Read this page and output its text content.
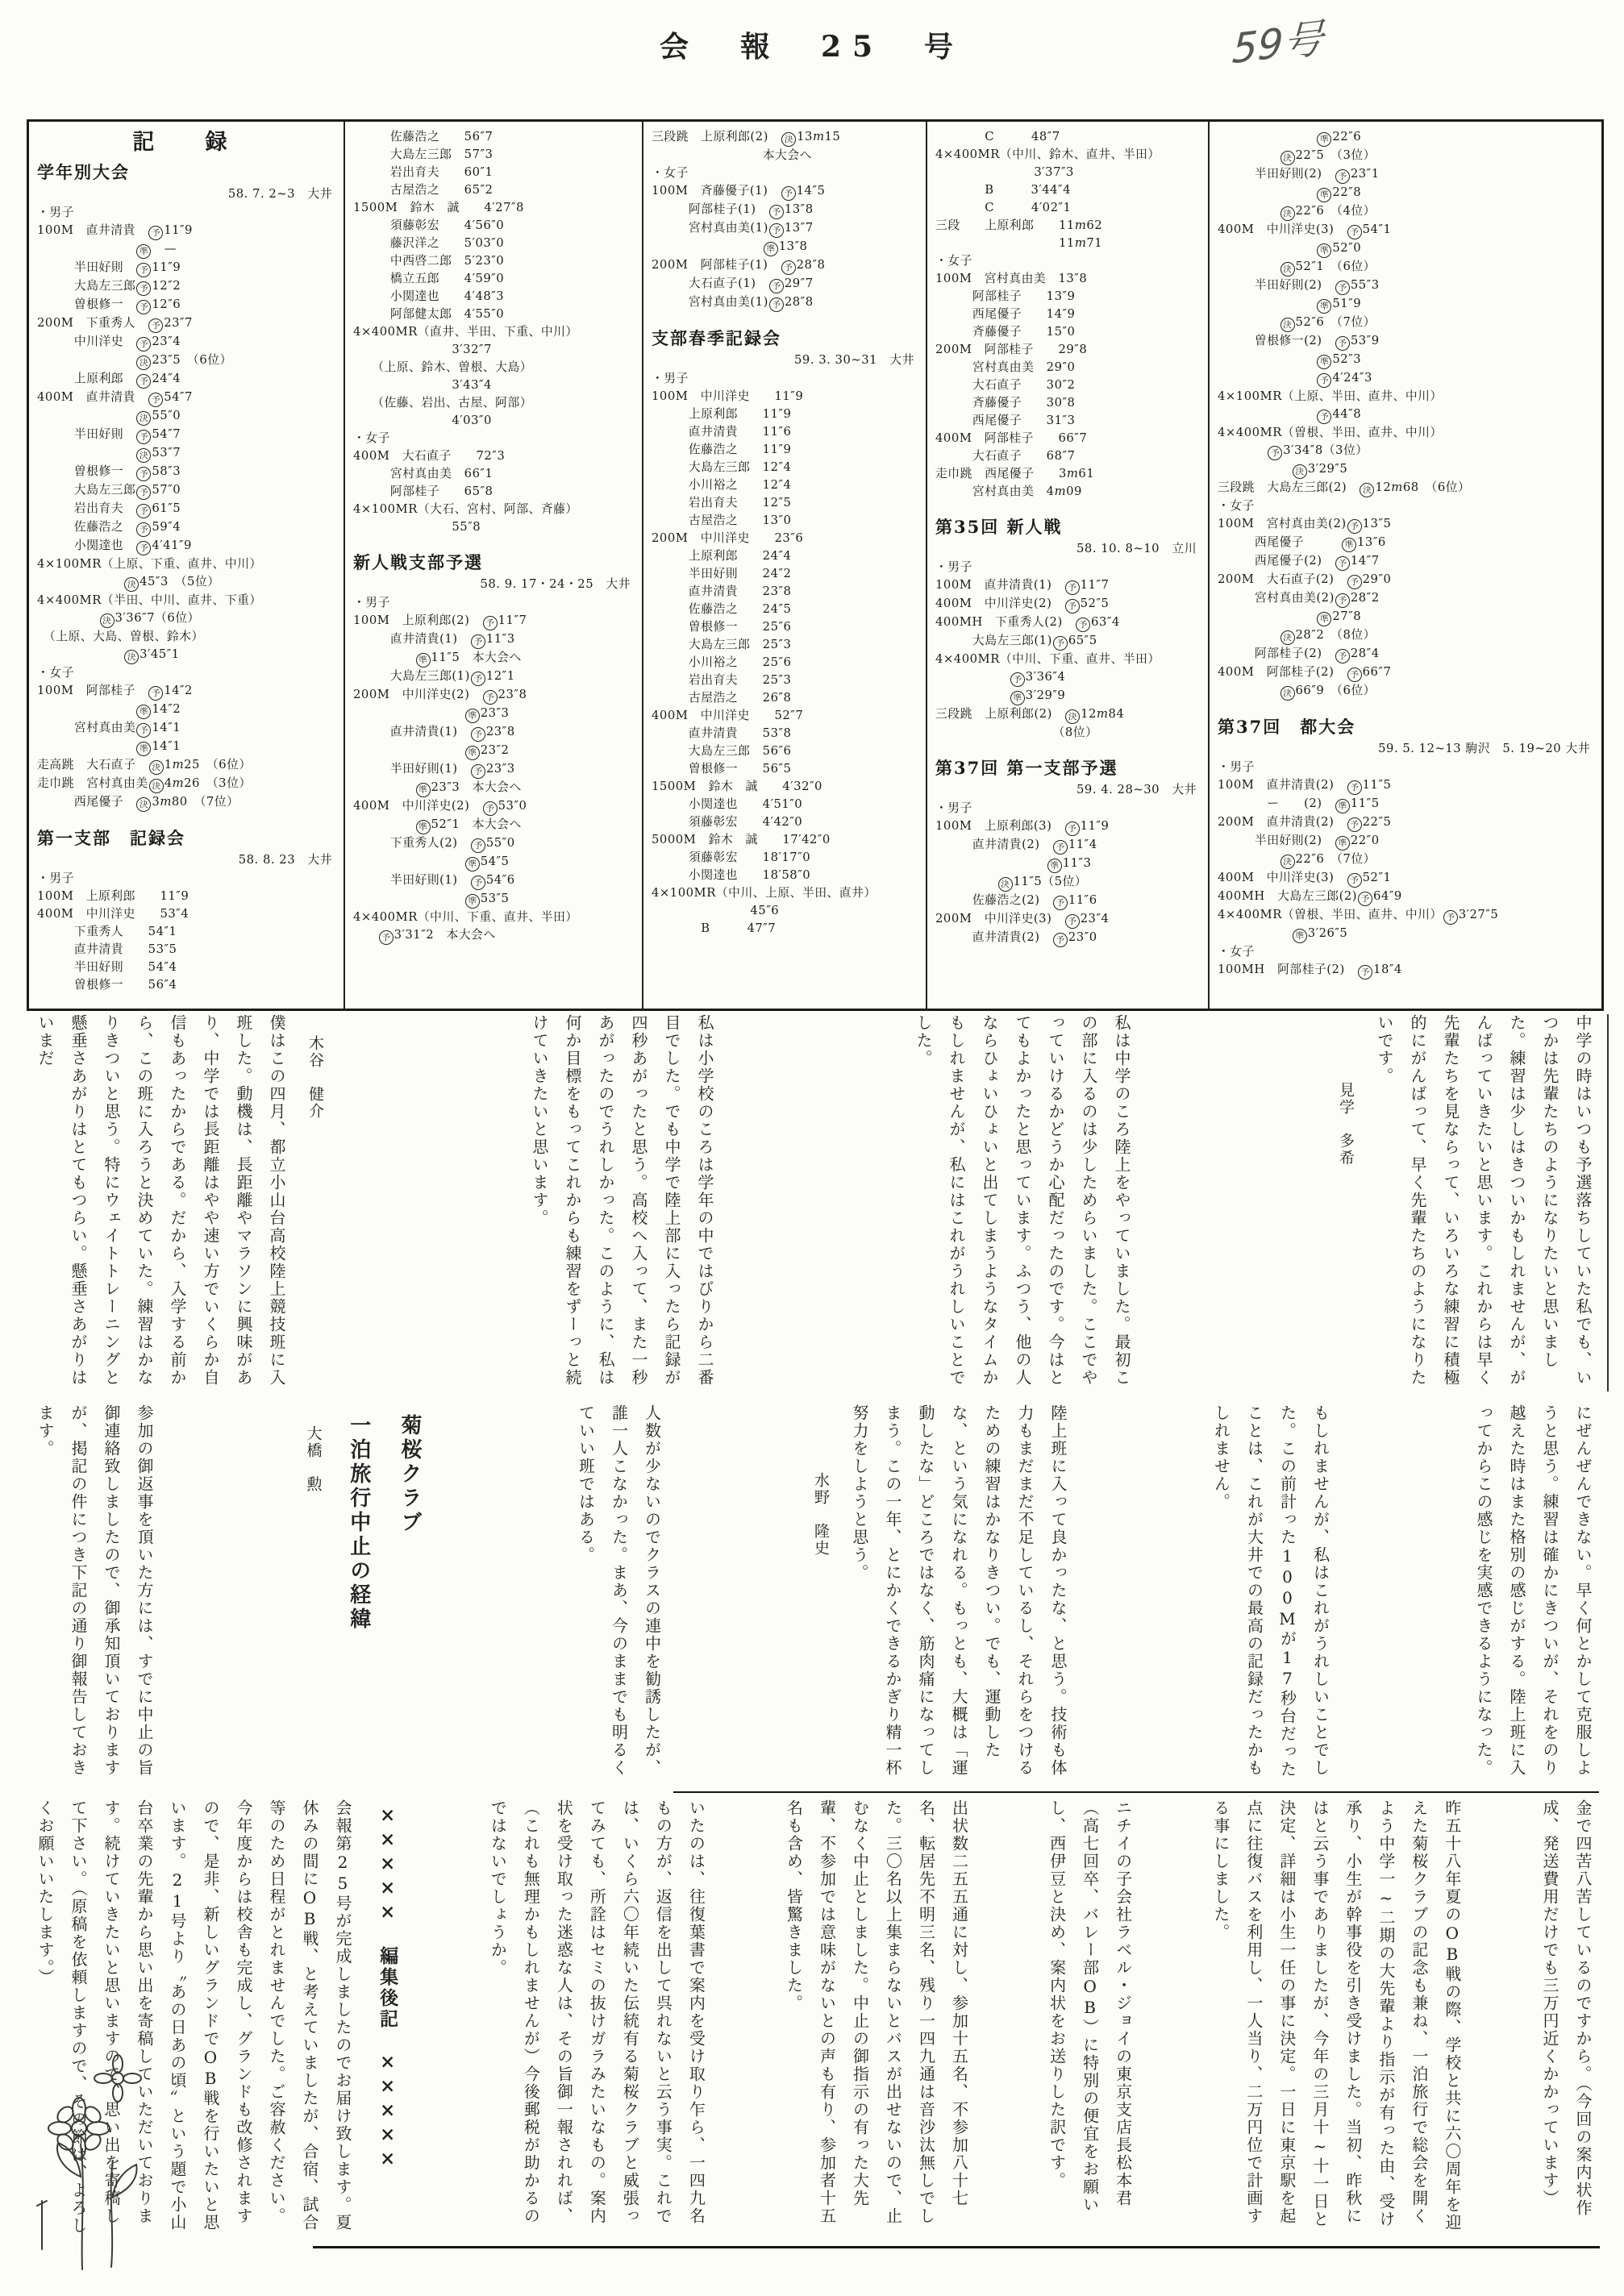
会　報　25　号	59号
記　録
学年別大会
58. 7. 2~3　大井
・男子
100M　直井清貴　予 11″9
　　　　　　　　準　—
　　　半田好則　予 11″9
　　　大島左三郎 予 12″2
　　　曽根修一　予 12″6
200M　下重秀人　予 23″7
　　　中川洋史　予 23″4
　　　　　　　　決 23″5　（6位）
　　　上原利郎　予 24″4
400M　直井清貴　予 54″7
　　　　　　　　決 55″0
　　　半田好則　予 54″7
　　　　　　　　決 53″7
　　　曽根修一　予 58″3
　　　大島左三郎 予 57″0
　　　岩出育夫　予 61″5
　　　佐藤浩之　予 59″4
　　　小関達也　予 4′41″9
4×100MR（上原、下重、直井、中川）
　　　　　　　決 45″3　（5位）
4×400MR（半田、中川、直井、下重）
　　　　　決 3′36″7（6位）
　（上原、大島、曽根、鈴木）
　　　　　　　決 3′45″1
・女子
100M　阿部桂子　予 14″2
　　　　　　　　準 14″2
　　　宮村真由美 予 14″1
　　　　　　　　準 14″1
走高跳　大石直子　決 1m25　（6位）
走巾跳　宮村真由美 決 4m26　（3位）
　　　西尾優子　決 3m80　（7位）

第一支部　記録会
58. 8. 23　大井
・男子
100M　上原利郎　　11″9
400M　中川洋史　　53″4
　　　下重秀人　　54″1
　　　直井清貴　　53″5
　　　半田好則　　54″4
　　　曽根修一　　56″4
　　　佐藤浩之　　56″7
　　　大島左三郎　57″3
　　　岩出育夫　　60″1
　　　古屋浩之　　65″2
1500M　鈴木　誠　　4′27″8
　　　須藤彰宏　　4′56″0
　　　藤沢洋之　　5′03″0
　　　中西啓二郎　5′23″0
　　　橋立五郎　　4′59″0
　　　小関達也　　4′48″3
　　　阿部健太郎　4′55″0
4×400MR（直井、半田、下重、中川）
　　　　　　　　3′32″7
　　（上原、鈴木、曽根、大島）
　　　　　　　　3′43″4
　　（佐藤、岩出、古屋、阿部）
　　　　　　　　4′03″0
・女子
400M　大石直子　　72″3
　　　宮村真由美　66″1
　　　阿部桂子　　65″8
4×100MR（大石、宮村、阿部、斉藤）
　　　　　　　　55″8

新人戦支部予選
58. 9. 17・24・25　大井
・男子
100M　上原利郎(2)　予 11″7
　　　直井清貴(1)　予 11″3
　　　　　準 11″5　本大会へ
　　　大島左三郎(1) 予 12″1
200M　中川洋史(2)　予 23″8
　　　　　　　　　準 23″3
　　　直井清貴(1)　予 23″8
　　　　　　　　　準 23″2
　　　半田好則(1)　予 23″3
　　　　　準 23″3　本大会へ
400M　中川洋史(2)　予 53″0
　　　　　準 52″1　本大会へ
　　　下重秀人(2)　予 55″0
　　　　　　　　　準 54″5
　　　半田好則(1)　予 54″6
　　　　　　　　　準 53″5
4×400MR（中川、下重、直井、半田）
　　予 3′31″2　本大会へ
三段跳　上原利郎(2)　決 13m15
　　　　　　　　　本大会へ
・女子
100M　斉藤優子(1)　予 14″5
　　　阿部桂子(1)　予 13″8
　　　宮村真由美(1) 予 13″7
　　　　　　　　　準 13″8
200M　阿部桂子(1)　予 28″8
　　　大石直子(1)　予 29″7
　　　宮村真由美(1) 予 28″8

支部春季記録会
59. 3. 30~31　大井
・男子
100M　中川洋史　　11″9
　　　上原利郎　　11″9
　　　直井清貴　　11″6
　　　佐藤浩之　　11″9
　　　大島左三郎　12″4
　　　小川裕之　　12″4
　　　岩出育夫　　12″5
　　　古屋浩之　　13″0
200M　中川洋史　　23″6
　　　上原利郎　　24″4
　　　半田好則　　24″2
　　　直井清貴　　23″8
　　　佐藤浩之　　24″5
　　　曽根修一　　25″6
　　　大島左三郎　25″3
　　　小川裕之　　25″6
　　　岩出育夫　　25″3
　　　古屋浩之　　26″8
400M　中川洋史　　52″7
　　　直井清貴　　53″8
　　　大島左三郎　56″6
　　　曽根修一　　56″5
1500M　鈴木　誠　　4′32″0
　　　小関達也　　4′51″0
　　　須藤彰宏　　4′42″0
5000M　鈴木　誠　　17′42″0
　　　須藤彰宏　　18′17″0
　　　小関達也　　18′58″0
4×100MR（中川、上原、半田、直井）
　　　　　　　　45″6
　　　　B　　　47″7
　　　　C　　　48″7
4×400MR（中川、鈴木、直井、半田）
　　　　　　　　3′37″3
　　　　B　　　3′44″4
　　　　C　　　4′02″1
三段　　上原利郎　　11m62
　　　　　　　　　　11m71
・女子
100M　宮村真由美　13″8
　　　阿部桂子　　13″9
　　　西尾優子　　14″9
　　　斉藤優子　　15″0
200M　阿部桂子　　29″8
　　　宮村真由美　29″0
　　　大石直子　　30″2
　　　斉藤優子　　30″8
　　　西尾優子　　31″3
400M　阿部桂子　　66″7
　　　大石直子　　68″7
走巾跳　西尾優子　　3m61
　　　宮村真由美　4m09

第35回 新人戦
58. 10. 8~10　立川
・男子
100M　直井清貴(1)　予 11″7
400M　中川洋史(2)　予 52″5
400MH　下重秀人(2)　予 63″4
　　　大島左三郎(1) 予 65″5
4×400MR（中川、下重、直井、半田）
　　　　　　予 3′36″4
　　　　　　準 3′29″9
三段跳　上原利郎(2)　決 12m84
　　　　　　　　　　（8位）

第37回 第一支部予選
59. 4. 28~30　大井
・男子
100M　上原利郎(3)　予 11″9
　　　直井清貴(2)　予 11″4
　　　　　　　　　準 11″3
　　　　　決 11″5（5位）
　　　佐藤浩之(2)　予 11″6
200M　中川洋史(3)　予 23″4
　　　直井清貴(2)　予 23″0
　　　　　　　　準 22″6
　　　　　決 22″5　（3位）
　　　半田好則(2)　予 23″1
　　　　　　　　準 22″8
　　　　　決 22″6　（4位）
400M　中川洋史(3)　予 54″1
　　　　　　　　準 52″0
　　　　　決 52″1　（6位）
　　　半田好則(2)　予 55″3
　　　　　　　　準 51″9
　　　　　決 52″6　（7位）
　　　曽根修一(2)　予 53″9
　　　　　　　　準 52″3
　　　　　　　　予 4′24″3
4×100MR（上原、半田、直井、中川）
　　　　　　　　予 44″8
4×400MR（曽根、半田、直井、中川）
　　　　予 3′34″8（3位）
　　　　　　決 3′29″5
三段跳　大島左三郎(2)　決 12m68　（6位）
・女子
100M　宮村真由美(2) 予 13″5
　　　西尾優子　　　準 13″6
　　　西尾優子(2)　予 14″7
200M　大石直子(2)　予 29″0
　　　宮村真由美(2) 予 28″2
　　　　　　　　準 27″8
　　　　　決 28″2　（8位）
　　　阿部桂子(2)　予 28″4
400M　阿部桂子(2)　予 66″7
　　　　　決 66″9　（6位）

第37回　都大会
59. 5. 12~13 駒沢　5. 19~20 大井
・男子
100M　直井清貴(2)　予 11″5
　　　　ー　　(2)　準 11″5
200M　直井清貴(2)　予 22″5
　　　半田好則(2)　準 22″0
　　　　　決 22″6　（7位）
400M　中川洋史(3)　予 52″1
400MH　大島左三郎(2) 予 64″9
4×400MR（曽根、半田、直井、中川） 予 3′27″5
　　　　　　準 3′26″5
・女子
100MH　阿部桂子(2)　予 18″4
中学の時はいつも予選落ちしていた私でも、いつかは先輩たちのようになりたいと思いました。練習は少しはきついかもしれませんが、がんばっていきたいと思います。これからは早く先輩たちを見ならって、いろいろな練習に積極的にがんばって、早く先輩たちのようになりたいです。
見学　多希
私は中学のころ陸上をやっていました。最初この部に入るのは少しためらいました。ここでやっていけるかどうか心配だったのです。今はとてもよかったと思っています。ふつう、他の人ならひょいひょいと出てしまうようなタイムかもしれませんが、私にはこれがうれしいことでした。
私は小学校のころは学年の中ではびりから二番目でした。でも中学で陸上部に入ったら記録が四秒あがったと思う。高校へ入って、また一秒あがったのでうれしかった。このように、私は何か目標をもってこれからも練習をずーっと続けていきたいと思います。
木谷　健介
僕はこの四月、都立小山台高校陸上競技班に入班した。動機は、長距離やマラソンに興味があり、中学では長距離はやや速い方でいくらか自信もあったからである。だから、入学する前から、この班に入ろうと決めていた。練習はかなりきついと思う。特にウェイトトレーニングと懸垂さあがりはとてもつらい。懸垂さあがりはいまだ
にぜんぜんできない。早く何とかして克服しようと思う。練習は確かにきついが、それをのり越えた時はまた格別の感じがする。陸上班に入ってからこの感じを実感できるようになった。
もしれませんが、私はこれがうれしいことでした。この前計った100Mが17秒台だったことは、これが大井での最高の記録だったかもしれません。
陸上班に入って良かったな、と思う。技術も体力もまだまだ不足しているし、それらをつけるための練習はかなりきつい。でも、運動したな、という気になれる。もっとも、大概は「運動したな」どころではなく、筋肉痛になってしまう。この一年、とにかくできるかぎり精一杯努力をしようと思う。
水野　隆史
人数が少ないのでクラスの連中を勧誘したが、誰一人こなかった。まあ、今のままでも明るくていい班ではある。
菊桜クラブ
一泊旅行中止の経緯
大橋　勲
参加の御返事を頂いた方には、すでに中止の旨御連絡致しましたので、御承知頂いておりますが、掲記の件につき下記の通り御報告しておきます。
金で四苦八苦しているのですから。（今回の案内状作成、発送費用だけでも三万円近くかかっています）
昨五十八年夏のOB戦の際、学校と共に六〇周年を迎えた菊桜クラブの記念も兼ね、一泊旅行で総会を開くよう中学一~二期の大先輩より指示が有った由、受け承り、小生が幹事役を引き受けました。当初、昨秋にはと云う事でありましたが、今年の三月十~十一日と決定、詳細は小生一任の事に決定。一日に東京駅を起点に往復バスを利用し、一人当り、二万円位で計画する事にしました。
ニチイの子会社ラベル・ジョイの東京支店長松本君（高七回卒、バレー部OB）に特別の便宜をお願いし、西伊豆と決め、案内状をお送りした訳です。
出状数二五五通に対し、参加十五名、不参加八十七名、転居先不明三名、残り一四九通は音沙汰無しでした。三〇名以上集まらないとバスが出せないので、止むなく中止としました。中止の御指示の有った大先輩、不参加では意味がないとの声も有り、参加者十五名も含め、皆驚きました。
いたのは、往復葉書で案内を受け取り乍ら、一四九名もの方が、返信を出して呉れないと云う事実。これでは、いくら六〇年続いた伝統有る菊桜クラブと威張ってみても、所詮はセミの抜けガラみたいなもの。案内状を受け取った迷惑な人は、その旨御一報されれば、（これも無理かもしれませんが）今後郵税が助かるのではないでしょうか。
×××××　編集後記　×××××
会報第25号が完成しましたのでお届け致します。夏休みの間にOB戦、と考えていましたが、合宿、試合等のため日程がとれませんでした。ご容赦ください。今年度からは校舎も完成し、グランドも改修されますので、是非、新しいグランドでOB戦を行いたいと思います。21号より〝あの日あの頃〟という題で小山台卒業の先輩から思い出を寄稿していただいております。続けていきたいと思いますので、思い出を寄稿して下さい。（原稿を依頼しますので、その節は、よろしくお願いいたします。）
